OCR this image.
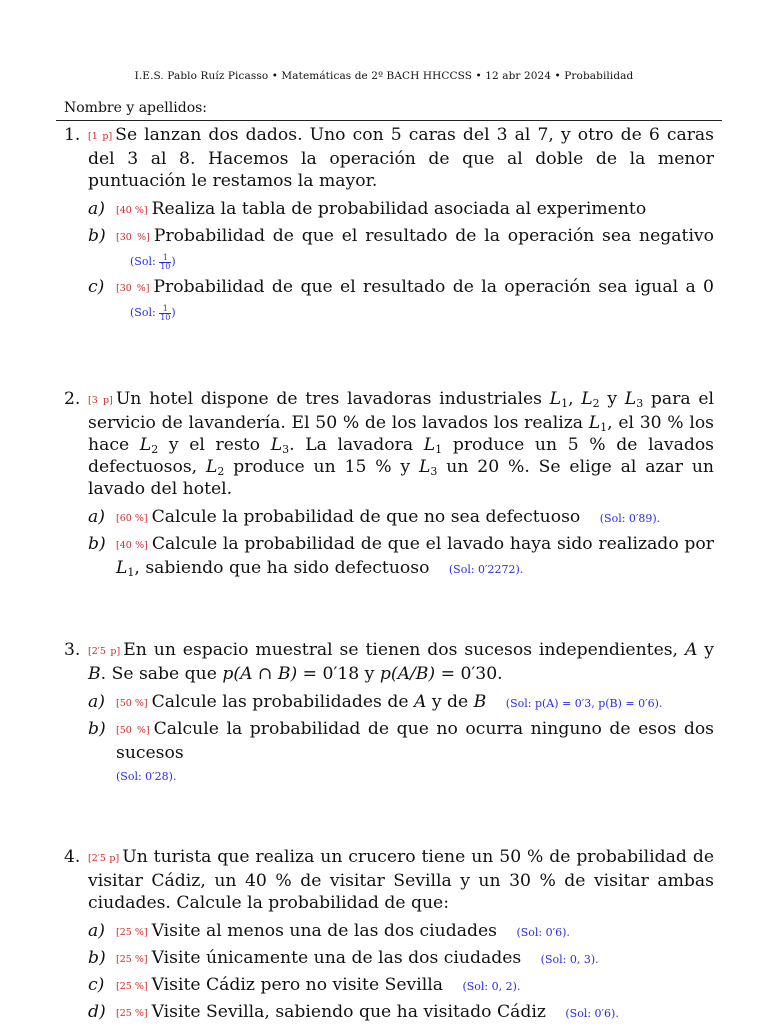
I.E.S. Pablo Ruíz Picasso • Matemáticas de 2º BACH HHCCSS • 12 abr 2024 • Probabilidad
Nombre y apellidos:
1. [1 p] Se lanzan dos dados. Uno con 5 caras del 3 al 7, y otro de 6 caras del 3 al 8. Hacemos la operación de que al doble de la menor puntuación le restamos la mayor.
a) [40 %] Realiza la tabla de probabilidad asociada al experimento
b) [30 %] Probabilidad de que el resultado de la operación sea negativo (Sol: $\frac{1}{10}$ )
c) [30 %] Probabilidad de que el resultado de la operación sea igual a 0 (Sol: $\frac{1}{10}$ )
2. [3 p] Un hotel dispone de tres lavadoras industriales $L_1$, $L_2$ y $L_3$ para el servicio de lavandería. El 50 % de los lavados los realiza $L_1$, el 30 % los hace $L_2$ y el resto $L_3$. La lavadora $L_1$ produce un 5 % de lavados defectuosos, $L_2$ produce un 15 % y $L_3$ un 20 %. Se elige al azar un lavado del hotel.
a) [60 %] Calcule la probabilidad de que no sea defectuoso (Sol: 0′89).
b) [40 %] Calcule la probabilidad de que el lavado haya sido realizado por $L_1$, sabiendo que ha sido defectuoso (Sol: 0′2272).
3. [2′5 p] En un espacio muestral se tienen dos sucesos independientes, A y B. Se sabe que p(A ∩ B) = 0′18 y p(A/B) = 0′30.
a) [50 %] Calcule las probabilidades de A y de B (Sol: p(A) = 0′3, p(B) = 0′6).
b) [50 %] Calcule la probabilidad de que no ocurra ninguno de esos dos sucesos
(Sol: 0′28).
4. [2′5 p] Un turista que realiza un crucero tiene un 50 % de probabilidad de visitar Cádiz, un 40 % de visitar Sevilla y un 30 % de visitar ambas ciudades. Calcule la probabilidad de que:
a) [25 %] Visite al menos una de las dos ciudades (Sol: 0′6).
b) [25 %] Visite únicamente una de las dos ciudades (Sol: 0, 3).
c) [25 %] Visite Cádiz pero no visite Sevilla (Sol: 0, 2).
d) [25 %] Visite Sevilla, sabiendo que ha visitado Cádiz (Sol: 0′6).
